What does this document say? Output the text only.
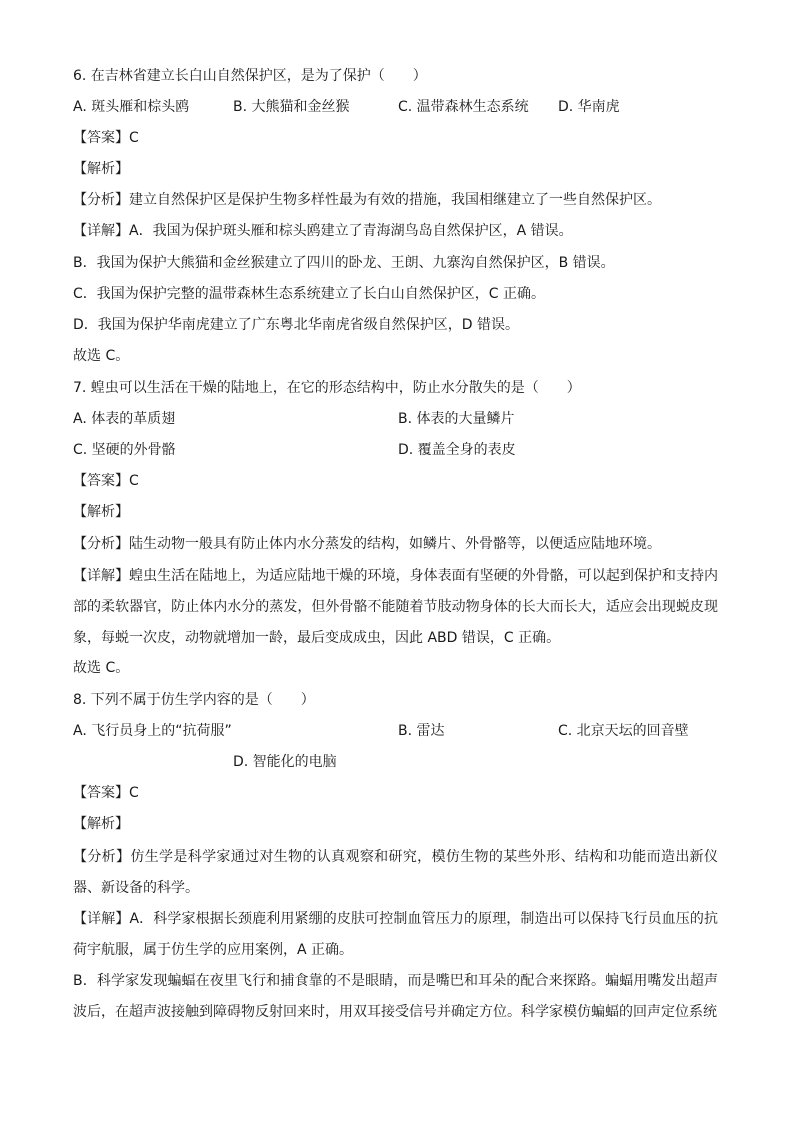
6. 在吉林省建立长白山自然保护区，是为了保护（　　）
A. 斑头雁和棕头鸥	B. 大熊猫和金丝猴	C. 温带森林生态系统 D. 华南虎
【答案】C
【解析】
【分析】建立自然保护区是保护生物多样性最为有效的措施，我国相继建立了一些自然保护区。
【详解】A．我国为保护斑头雁和棕头鸥建立了青海湖鸟岛自然保护区，A 错误。
B．我国为保护大熊猫和金丝猴建立了四川的卧龙、王朗、九寨沟自然保护区，B 错误。
C．我国为保护完整的温带森林生态系统建立了长白山自然保护区，C 正确。
D．我国为保护华南虎建立了广东粤北华南虎省级自然保护区，D 错误。
故选 C。
7. 蝗虫可以生活在干燥的陆地上，在它的形态结构中，防止水分散失的是（　　）
A. 体表的革质翅	B. 体表的大量鳞片
C. 坚硬的外骨骼	D. 覆盖全身的表皮
【答案】C
【解析】
【分析】陆生动物一般具有防止体内水分蒸发的结构，如鳞片、外骨骼等，以便适应陆地环境。
【详解】蝗虫生活在陆地上，为适应陆地干燥的环境，身体表面有坚硬的外骨骼，可以起到保护和支持内部的柔软器官，防止体内水分的蒸发，但外骨骼不能随着节肢动物身体的长大而长大，适应会出现蜕皮现象，每蜕一次皮，动物就增加一龄，最后变成成虫，因此 ABD 错误，C 正确。
故选 C。
8. 下列不属于仿生学内容的是（　　）
A. 飞行员身上的“抗荷服”	B. 雷达	C. 北京天坛的回音壁
D. 智能化的电脑
【答案】C
【解析】
【分析】仿生学是科学家通过对生物的认真观察和研究，模仿生物的某些外形、结构和功能而造出新仪器、新设备的科学。
【详解】A．科学家根据长颈鹿利用紧绷的皮肤可控制血管压力的原理，制造出可以保持飞行员血压的抗荷宇航服，属于仿生学的应用案例，A 正确。
B．科学家发现蝙蝠在夜里飞行和捕食靠的不是眼睛，而是嘴巴和耳朵的配合来探路。蝙蝠用嘴发出超声波后，在超声波接触到障碍物反射回来时，用双耳接受信号并确定方位。科学家模仿蝙蝠的回声定位系统
